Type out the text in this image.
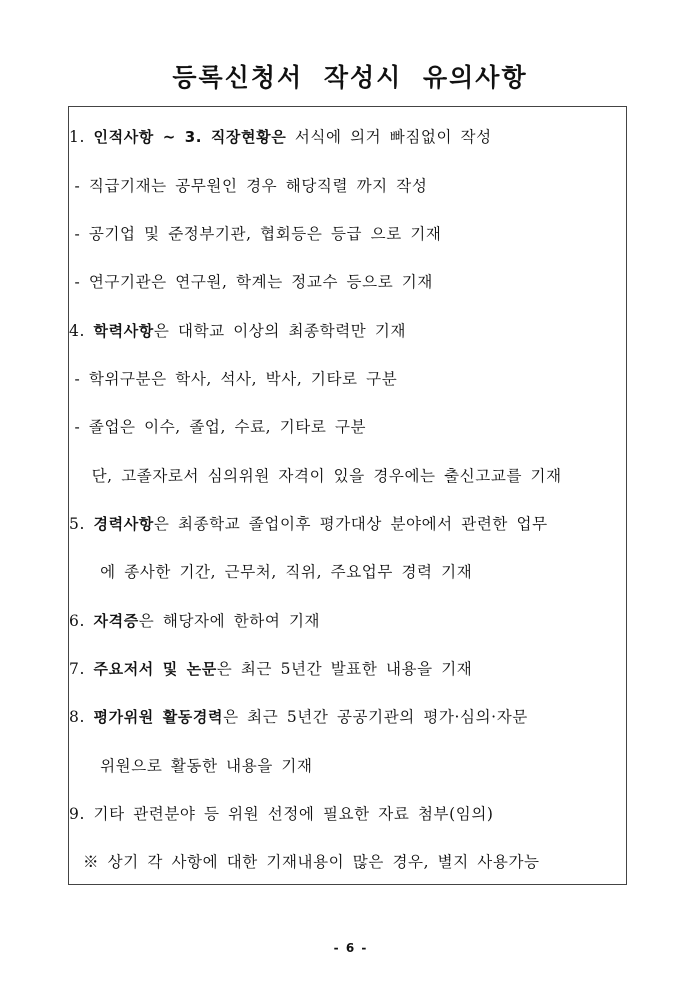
등록신청서 작성시 유의사항
1. 인적사항 ~ 3. 직장현황은 서식에 의거 빠짐없이 작성
- 직급기재는 공무원인 경우 해당직렬 까지 작성
- 공기업 및 준정부기관, 협회등은 등급 으로 기재
- 연구기관은 연구원, 학계는 정교수 등으로 기재
4. 학력사항은 대학교 이상의 최종학력만 기재
- 학위구분은 학사, 석사, 박사, 기타로 구분
- 졸업은 이수, 졸업, 수료, 기타로 구분
단, 고졸자로서 심의위원 자격이 있을 경우에는 출신고교를 기재
5. 경력사항은 최종학교 졸업이후 평가대상 분야에서 관련한 업무
에 종사한 기간, 근무처, 직위, 주요업무 경력 기재
6. 자격증은 해당자에 한하여 기재
7. 주요저서 및 논문은 최근 5년간 발표한 내용을 기재
8. 평가위원 활동경력은 최근 5년간 공공기관의 평가·심의·자문
위원으로 활동한 내용을 기재
9. 기타 관련분야 등 위원 선정에 필요한 자료 첨부(임의)
※ 상기 각 사항에 대한 기재내용이 많은 경우, 별지 사용가능
- 6 -
